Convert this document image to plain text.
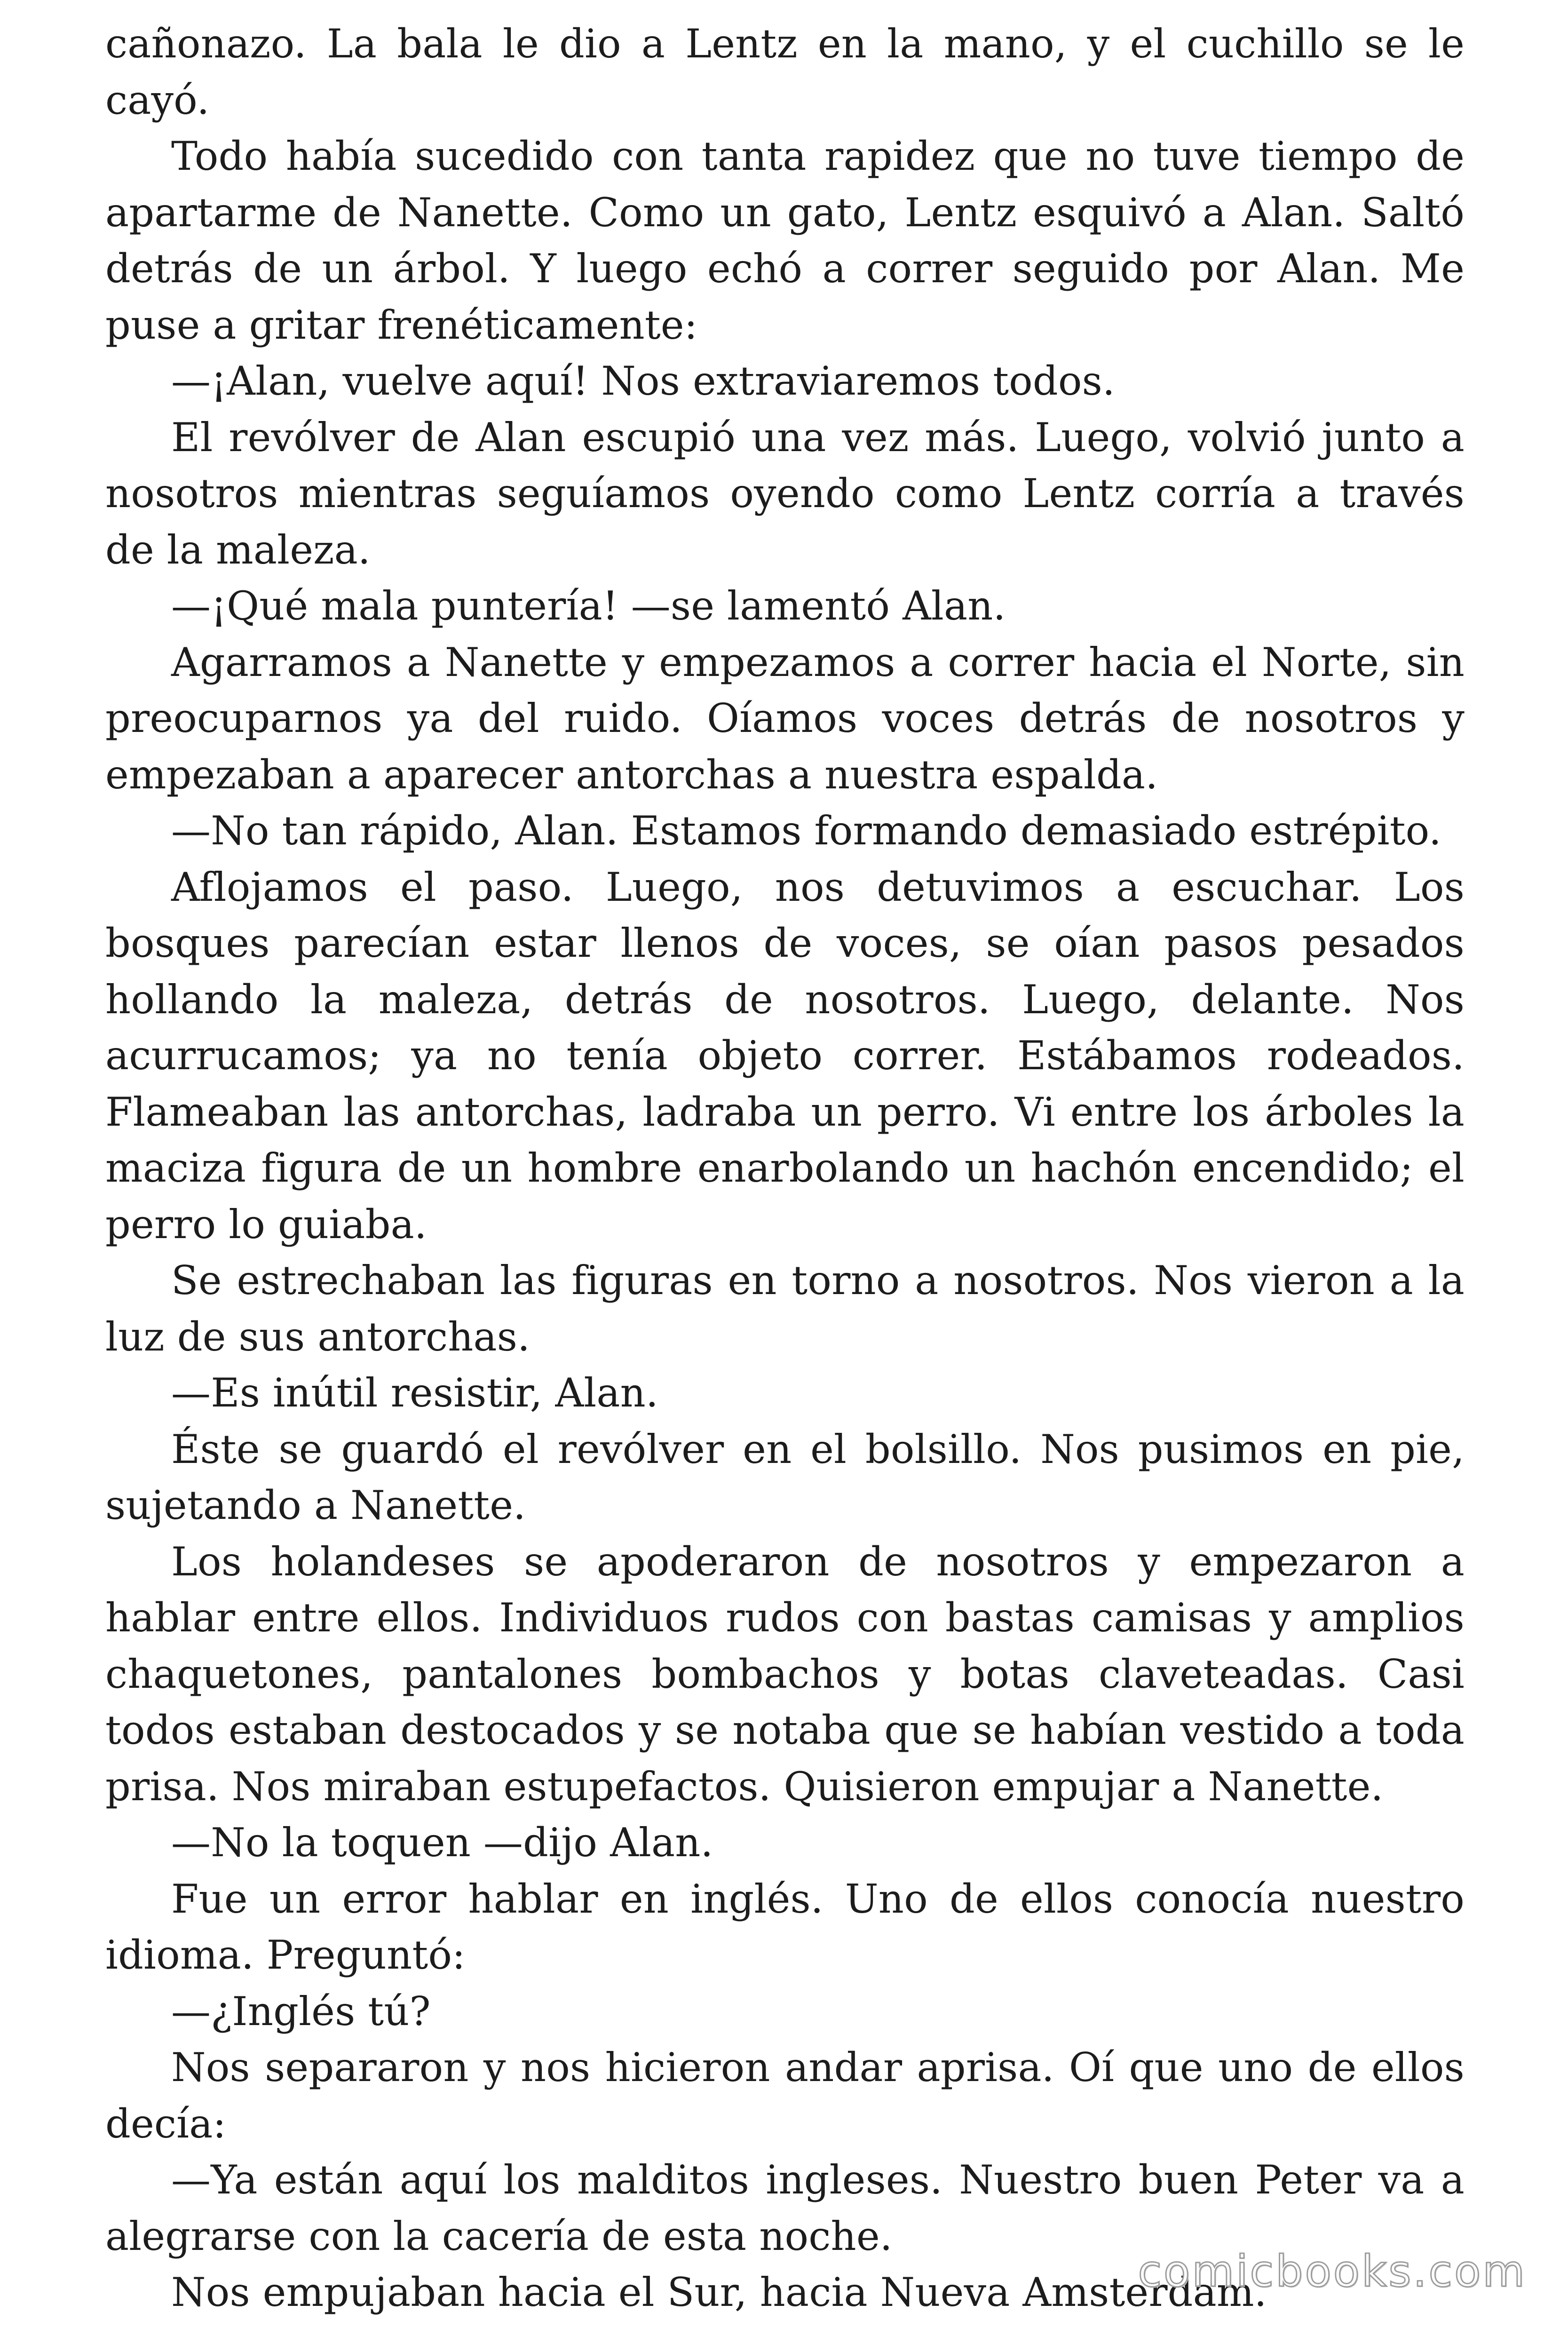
cañonazo. La bala le dio a Lentz en la mano, y el cuchillo se le cayó.

Todo había sucedido con tanta rapidez que no tuve tiempo de apartarme de Nanette. Como un gato, Lentz esquivó a Alan. Saltó detrás de un árbol. Y luego echó a correr seguido por Alan. Me puse a gritar frenéticamente:

—¡Alan, vuelve aquí! Nos extraviaremos todos.

El revólver de Alan escupió una vez más. Luego, volvió junto a nosotros mientras seguíamos oyendo como Lentz corría a través de la maleza.

—¡Qué mala puntería! —se lamentó Alan.

Agarramos a Nanette y empezamos a correr hacia el Norte, sin preocuparnos ya del ruido. Oíamos voces detrás de nosotros y empezaban a aparecer antorchas a nuestra espalda.

—No tan rápido, Alan. Estamos formando demasiado estrépito.

Aflojamos el paso. Luego, nos detuvimos a escuchar. Los bosques parecían estar llenos de voces, se oían pasos pesados hollando la maleza, detrás de nosotros. Luego, delante. Nos acurrucamos; ya no tenía objeto correr. Estábamos rodeados. Flameaban las antorchas, ladraba un perro. Vi entre los árboles la maciza figura de un hombre enarbolando un hachón encendido; el perro lo guiaba.

Se estrechaban las figuras en torno a nosotros. Nos vieron a la luz de sus antorchas.

—Es inútil resistir, Alan.

Éste se guardó el revólver en el bolsillo. Nos pusimos en pie, sujetando a Nanette.

Los holandeses se apoderaron de nosotros y empezaron a hablar entre ellos. Individuos rudos con bastas camisas y amplios chaquetones, pantalones bombachos y botas claveteadas. Casi todos estaban destocados y se notaba que se habían vestido a toda prisa. Nos miraban estupefactos. Quisieron empujar a Nanette.

—No la toquen —dijo Alan.

Fue un error hablar en inglés. Uno de ellos conocía nuestro idioma. Preguntó:

—¿Inglés tú?

Nos separaron y nos hicieron andar aprisa. Oí que uno de ellos decía:

—Ya están aquí los malditos ingleses. Nuestro buen Peter va a alegrarse con la cacería de esta noche.

Nos empujaban hacia el Sur, hacia Nueva Amsterdam.

comicbooks.com
